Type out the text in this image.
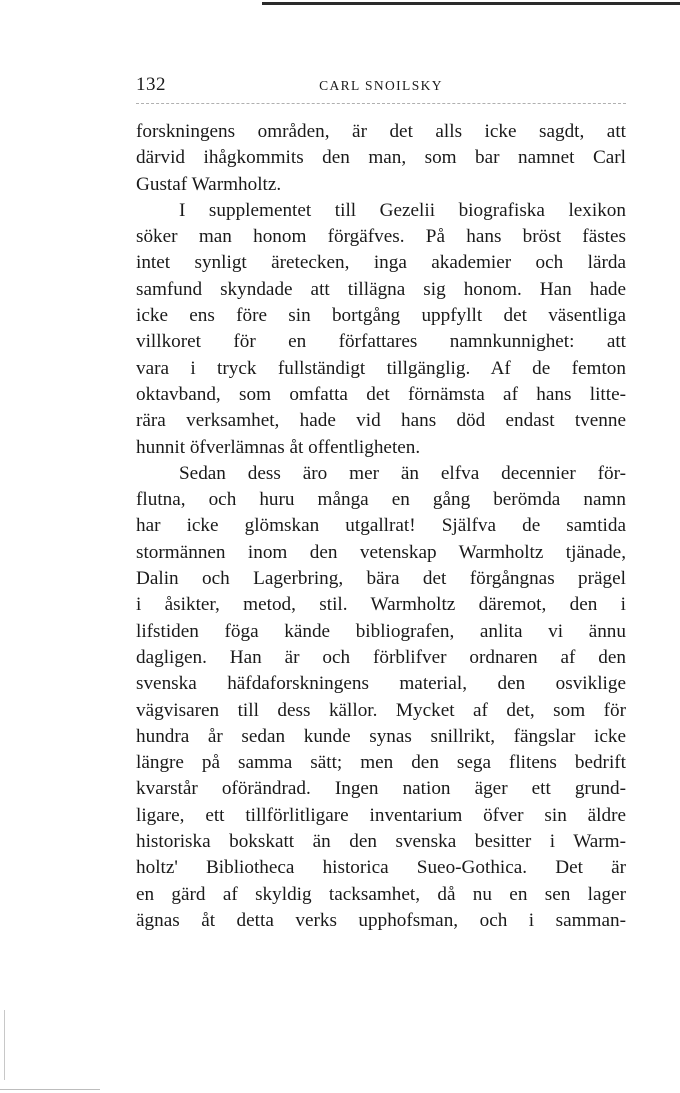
132	CARL SNOILSKY
forskningens områden, är det alls icke sagdt, att
därvid ihågkommits den man, som bar namnet Carl
Gustaf Warmholtz.
I supplementet till Gezelii biografiska lexikon
söker man honom förgäfves. På hans bröst fästes
intet synligt äretecken, inga akademier och lärda
samfund skyndade att tillägna sig honom. Han hade
icke ens före sin bortgång uppfyllt det väsentliga
villkoret för en författares namnkunnighet: att
vara i tryck fullständigt tillgänglig. Af de femton
oktavband, som omfatta det förnämsta af hans litte-
rära verksamhet, hade vid hans död endast tvenne
hunnit öfverlämnas åt offentligheten.
Sedan dess äro mer än elfva decennier för-
flutna, och huru många en gång berömda namn
har icke glömskan utgallrat! Själfva de samtida
stormännen inom den vetenskap Warmholtz tjänade,
Dalin och Lagerbring, bära det förgångnas prägel
i åsikter, metod, stil. Warmholtz däremot, den i
lifstiden föga kände bibliografen, anlita vi ännu
dagligen. Han är och förblifver ordnaren af den
svenska häfdaforskningens material, den osviklige
vägvisaren till dess källor. Mycket af det, som för
hundra år sedan kunde synas snillrikt, fängslar icke
längre på samma sätt; men den sega flitens bedrift
kvarstår oförändrad. Ingen nation äger ett grund-
ligare, ett tillförlitligare inventarium öfver sin äldre
historiska bokskatt än den svenska besitter i Warm-
holtz' Bibliotheca historica Sueo-Gothica. Det är
en gärd af skyldig tacksamhet, då nu en sen lager
ägnas åt detta verks upphofsman, och i samman-
